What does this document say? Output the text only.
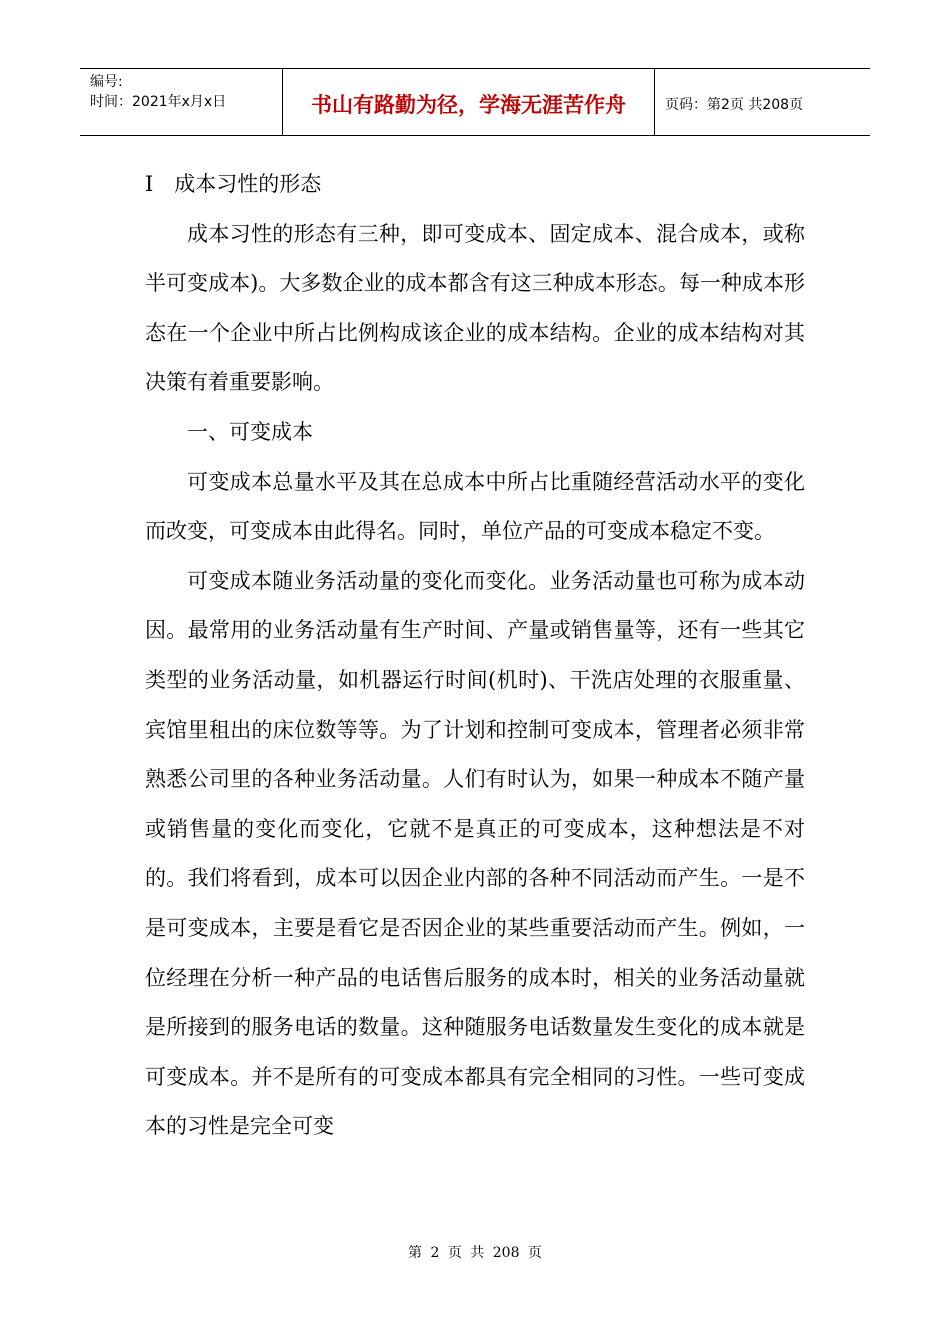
编号:
时间：2021年x月x日	书山有路勤为径，学海无涯苦作舟	页码：第2页 共208页

I　成本习性的形态

成本习性的形态有三种，即可变成本、固定成本、混合成本，或称半可变成本)。大多数企业的成本都含有这三种成本形态。每一种成本形态在一个企业中所占比例构成该企业的成本结构。企业的成本结构对其决策有着重要影响。

一、可变成本

可变成本总量水平及其在总成本中所占比重随经营活动水平的变化而改变，可变成本由此得名。同时，单位产品的可变成本稳定不变。

可变成本随业务活动量的变化而变化。业务活动量也可称为成本动因。最常用的业务活动量有生产时间、产量或销售量等，还有一些其它类型的业务活动量，如机器运行时间(机时)、干洗店处理的衣服重量、宾馆里租出的床位数等等。为了计划和控制可变成本，管理者必须非常熟悉公司里的各种业务活动量。人们有时认为，如果一种成本不随产量或销售量的变化而变化，它就不是真正的可变成本，这种想法是不对的。我们将看到，成本可以因企业内部的各种不同活动而产生。一是不是可变成本，主要是看它是否因企业的某些重要活动而产生。例如，一位经理在分析一种产品的电话售后服务的成本时，相关的业务活动量就是所接到的服务电话的数量。这种随服务电话数量发生变化的成本就是可变成本。并不是所有的可变成本都具有完全相同的习性。一些可变成本的习性是完全可变

第 2 页 共 208 页
